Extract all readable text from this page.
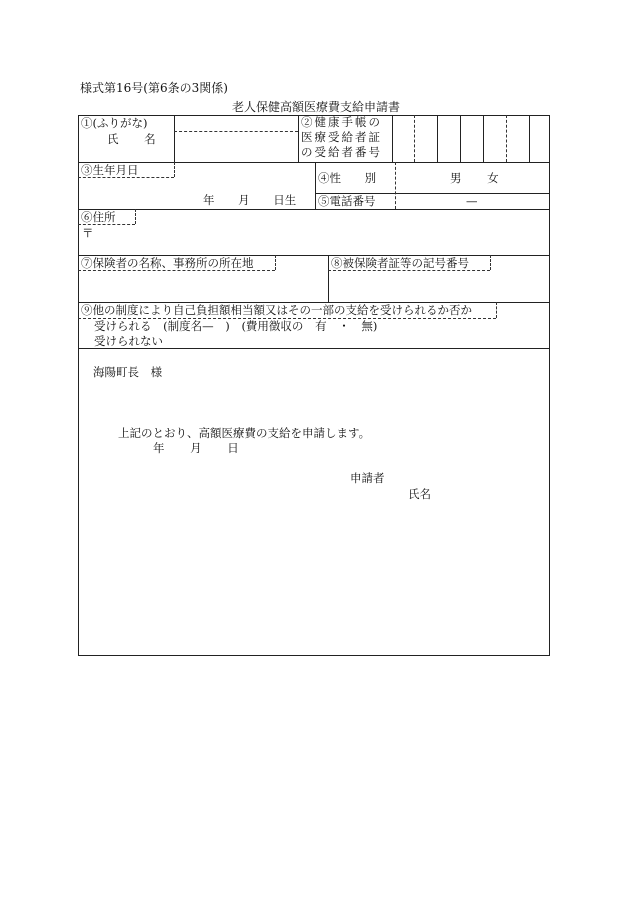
様式第16号(第6条の3関係)
老人保健高額医療費支給申請書
①(ふりがな)
氏 名
②健康手帳の
医療受給者証
の受給者番号
③生年月日
年 月 日生
④性 別	男 女
⑤電話番号	—
⑥住所
〒
⑦保険者の名称、事務所の所在地	⑧被保険者証等の記号番号
⑨他の制度により自己負担額相当額又はその一部の支給を受けられるか否か
受けられる (制度名— ) (費用徴収の 有 ・ 無)
受けられない
海陽町長 様
上記のとおり、高額医療費の支給を申請します。
年 月 日
申請者
氏名
